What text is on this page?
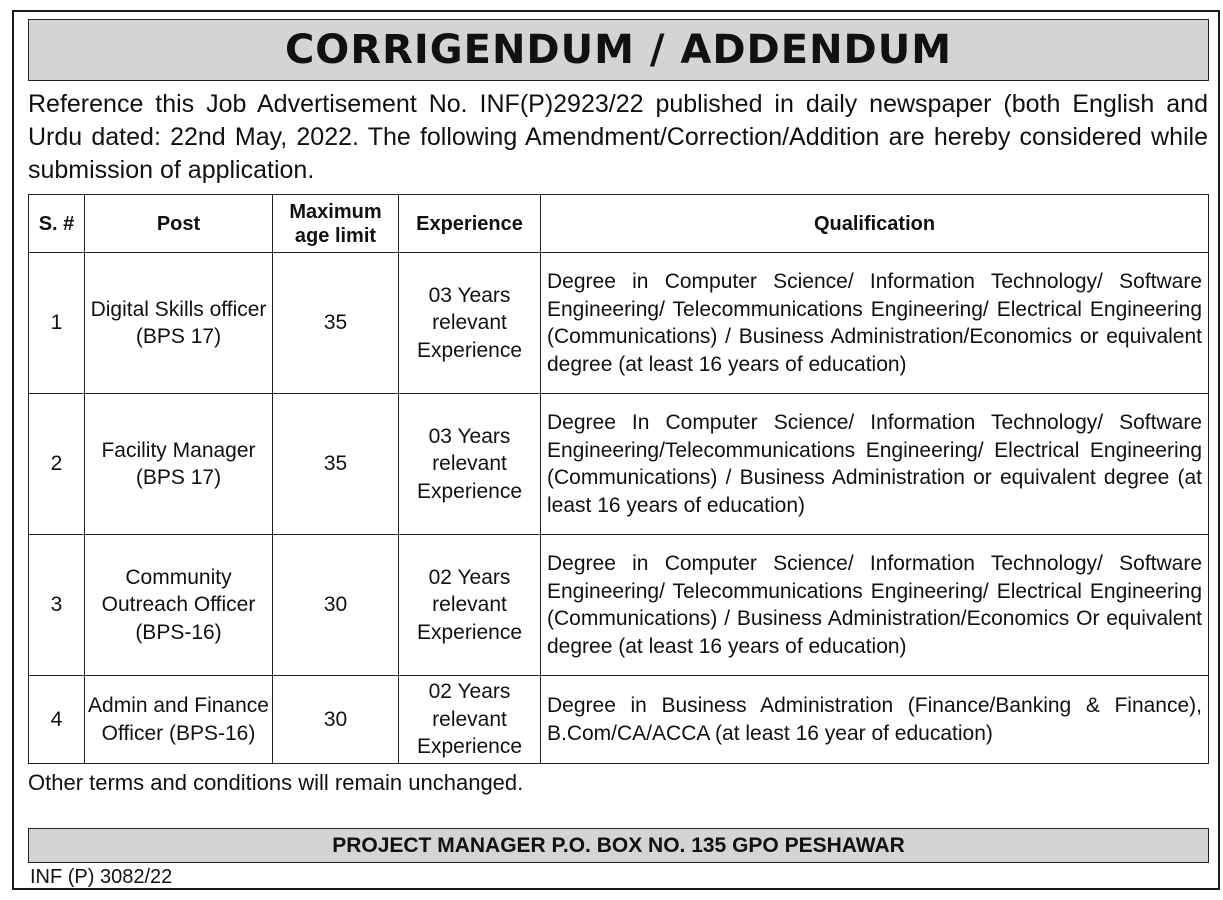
CORRIGENDUM / ADDENDUM

Reference this Job Advertisement No. INF(P)2923/22 published in daily newspaper (both English and Urdu dated: 22nd May, 2022. The following Amendment/Correction/Addition are hereby considered while submission of application.

S. #	Post	Maximum age limit	Experience	Qualification
1	Digital Skills officer (BPS 17)	35	03 Years relevant Experience	Degree in Computer Science/ Information Technology/ Software Engineering/ Telecommunications Engineering/ Electrical Engineering (Communications) / Business Administration/Economics or equivalent degree (at least 16 years of education)
2	Facility Manager (BPS 17)	35	03 Years relevant Experience	Degree In Computer Science/ Information Technology/ Software Engineering/Telecommunications Engineering/ Electrical Engineering (Communications) / Business Administration or equivalent degree (at least 16 years of education)
3	Community Outreach Officer (BPS-16)	30	02 Years relevant Experience	Degree in Computer Science/ Information Technology/ Software Engineering/ Telecommunications Engineering/ Electrical Engineering (Communications) / Business Administration/Economics Or equivalent degree (at least 16 years of education)
4	Admin and Finance Officer (BPS-16)	30	02 Years relevant Experience	Degree in Business Administration (Finance/Banking & Finance), B.Com/CA/ACCA (at least 16 year of education)

Other terms and conditions will remain unchanged.

PROJECT MANAGER P.O. BOX NO. 135 GPO PESHAWAR

INF (P) 3082/22
